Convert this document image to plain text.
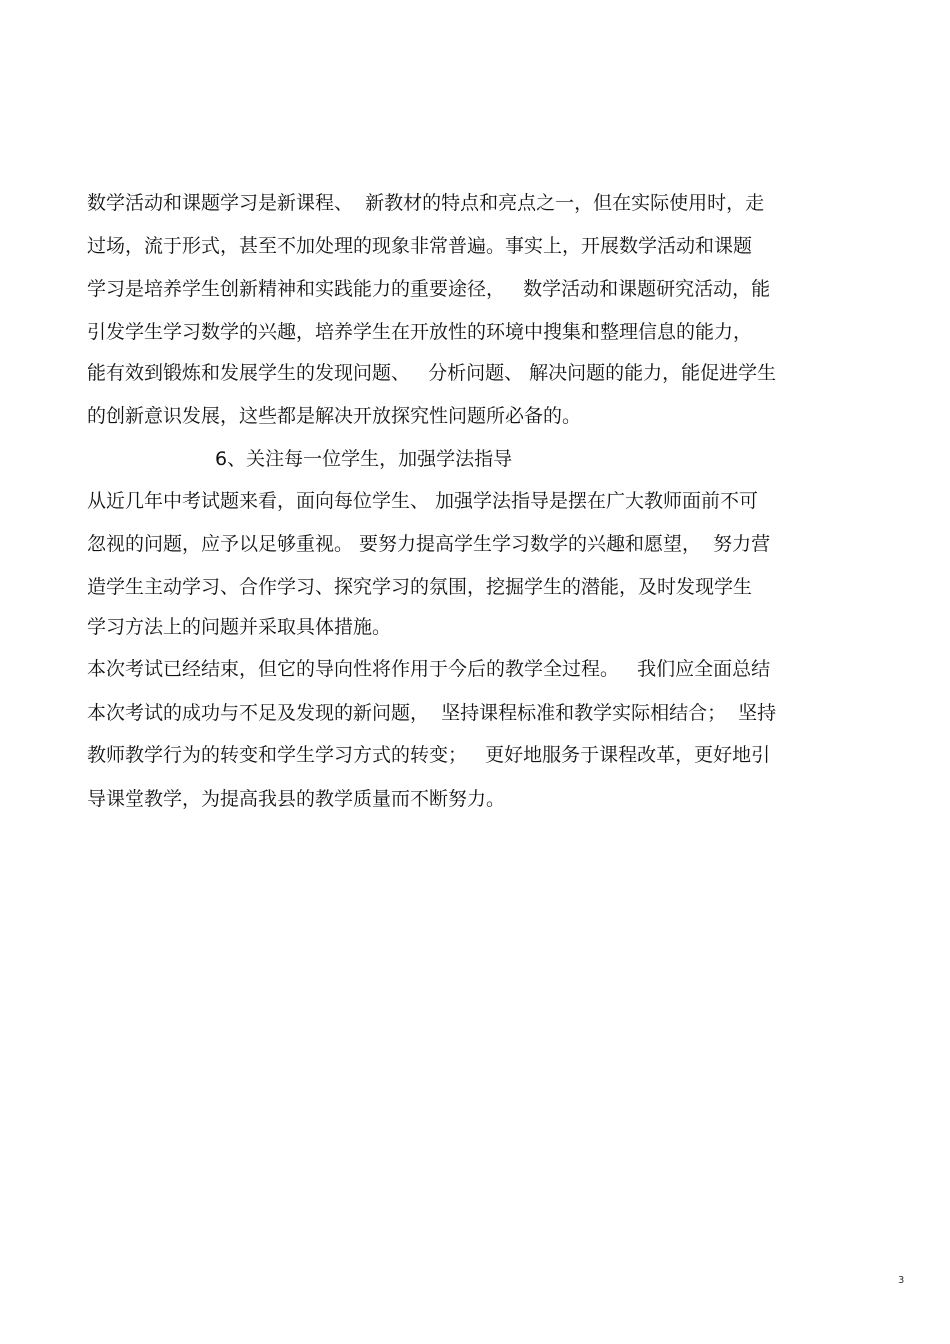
数学活动和课题学习是新课程、  新教材的特点和亮点之一，但在实际使用时，走
过场，流于形式，甚至不加处理的现象非常普遍。事实上，开展数学活动和课题
学习是培养学生创新精神和实践能力的重要途径，   数学活动和课题研究活动，能
引发学生学习数学的兴趣，培养学生在开放性的环境中搜集和整理信息的能力，
能有效到锻炼和发展学生的发现问题、   分析问题、 解决问题的能力，能促进学生
的创新意识发展，这些都是解决开放探究性问题所必备的。
6、关注每一位学生，加强学法指导
从近几年中考试题来看，面向每位学生、 加强学法指导是摆在广大教师面前不可
忽视的问题，应予以足够重视。 要努力提高学生学习数学的兴趣和愿望，  努力营
造学生主动学习、合作学习、探究学习的氛围，挖掘学生的潜能，及时发现学生
学习方法上的问题并采取具体措施。
本次考试已经结束，但它的导向性将作用于今后的教学全过程。   我们应全面总结
本次考试的成功与不足及发现的新问题，  坚持课程标准和教学实际相结合；  坚持
教师教学行为的转变和学生学习方式的转变；   更好地服务于课程改革，更好地引
导课堂教学，为提高我县的教学质量而不断努力。
3
